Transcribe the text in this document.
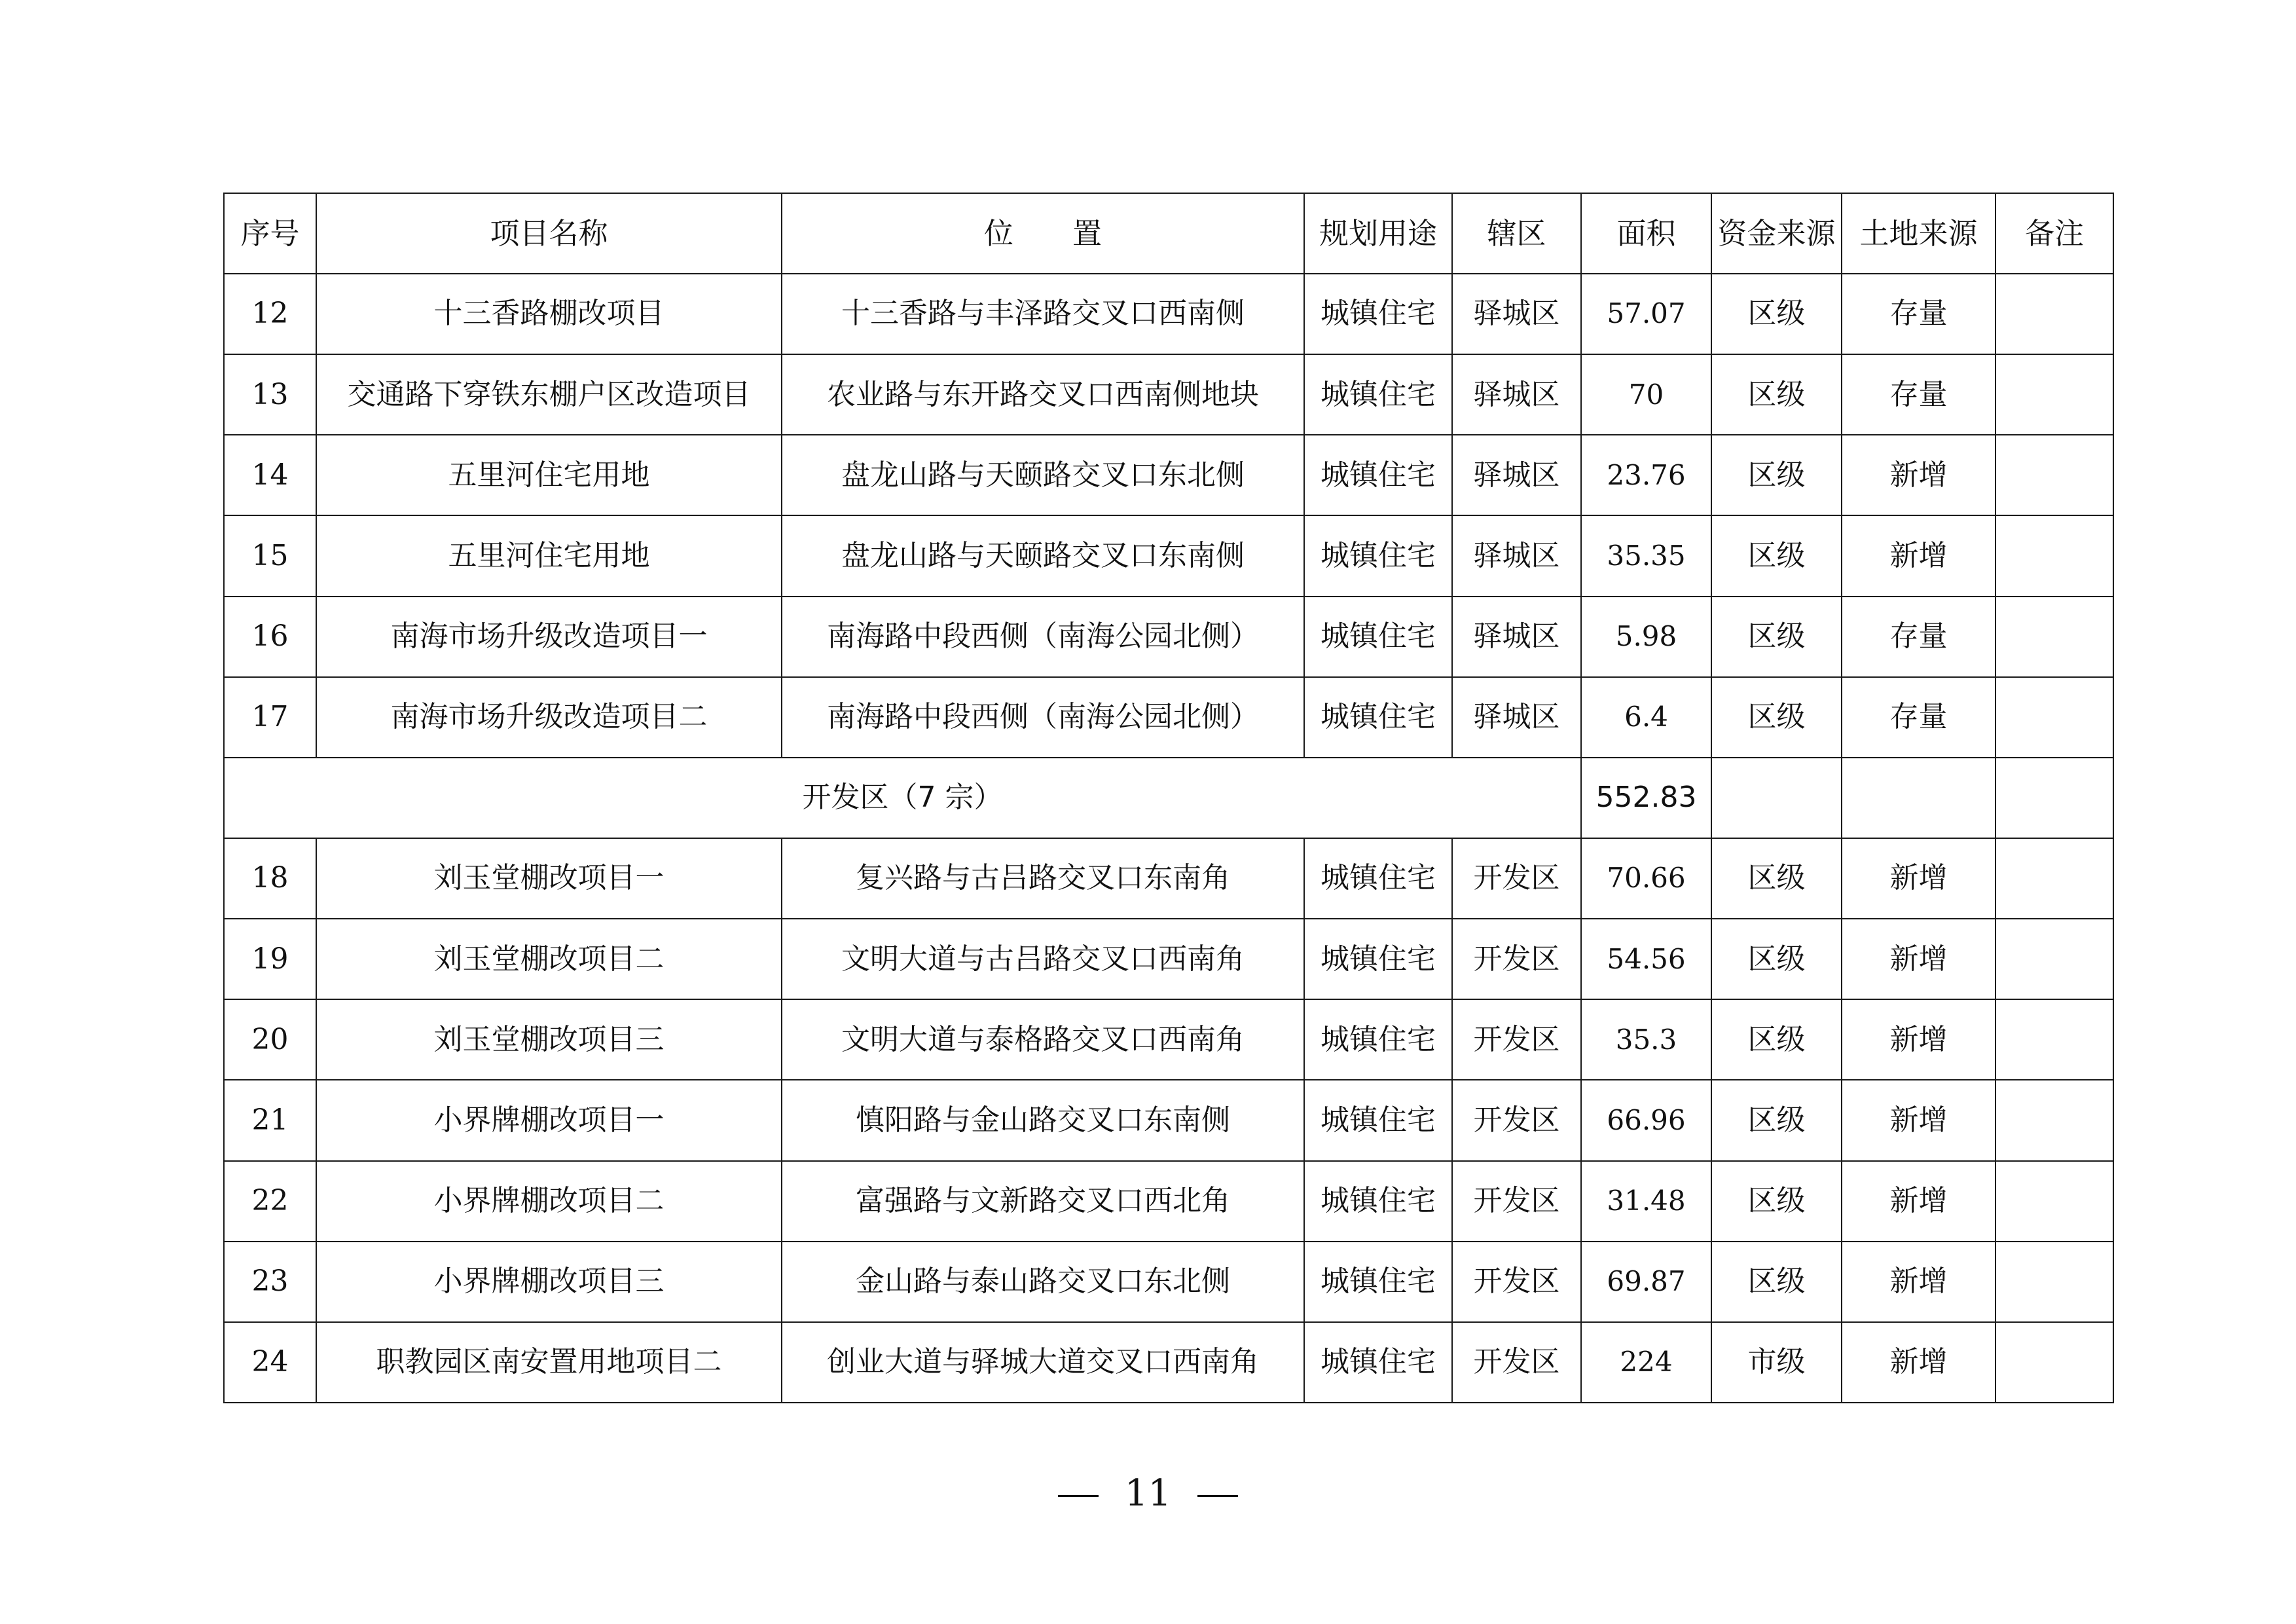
序号	项目名称	位　　置	规划用途	辖区	面积	资金来源	土地来源	备注
12	十三香路棚改项目	十三香路与丰泽路交叉口西南侧	城镇住宅	驿城区	57.07	区级	存量	
13	交通路下穿铁东棚户区改造项目	农业路与东开路交叉口西南侧地块	城镇住宅	驿城区	70	区级	存量	
14	五里河住宅用地	盘龙山路与天颐路交叉口东北侧	城镇住宅	驿城区	23.76	区级	新增	
15	五里河住宅用地	盘龙山路与天颐路交叉口东南侧	城镇住宅	驿城区	35.35	区级	新增	
16	南海市场升级改造项目一	南海路中段西侧（南海公园北侧）	城镇住宅	驿城区	5.98	区级	存量	
17	南海市场升级改造项目二	南海路中段西侧（南海公园北侧）	城镇住宅	驿城区	6.4	区级	存量	
开发区（7 宗）					552.83			
18	刘玉堂棚改项目一	复兴路与古吕路交叉口东南角	城镇住宅	开发区	70.66	区级	新增	
19	刘玉堂棚改项目二	文明大道与古吕路交叉口西南角	城镇住宅	开发区	54.56	区级	新增	
20	刘玉堂棚改项目三	文明大道与泰格路交叉口西南角	城镇住宅	开发区	35.3	区级	新增	
21	小界牌棚改项目一	慎阳路与金山路交叉口东南侧	城镇住宅	开发区	66.96	区级	新增	
22	小界牌棚改项目二	富强路与文新路交叉口西北角	城镇住宅	开发区	31.48	区级	新增	
23	小界牌棚改项目三	金山路与泰山路交叉口东北侧	城镇住宅	开发区	69.87	区级	新增	
24	职教园区南安置用地项目二	创业大道与驿城大道交叉口西南角	城镇住宅	开发区	224	市级	新增	
11
